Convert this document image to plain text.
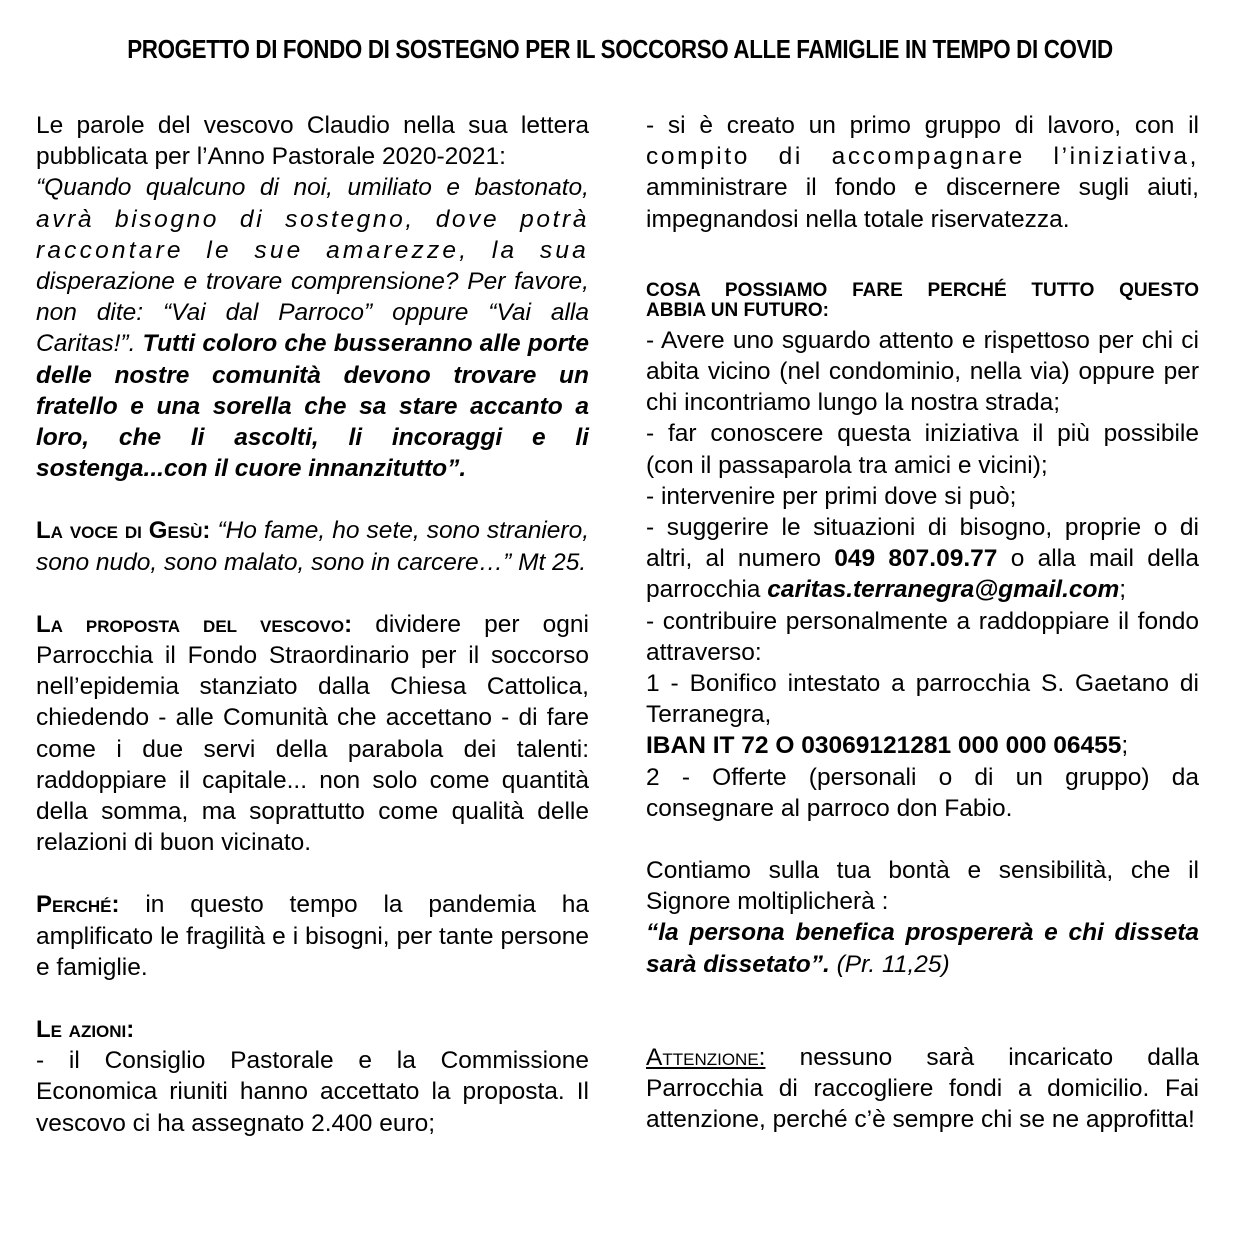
PROGETTO DI FONDO DI SOSTEGNO PER IL SOCCORSO ALLE FAMIGLIE IN TEMPO DI COVID

Le parole del vescovo Claudio nella sua lettera pubblicata per l’Anno Pastorale 2020-2021:
“Quando qualcuno di noi, umiliato e bastonato,
avrà bisogno di sostegno, dove potrà
raccontare le sue amarezze, la sua
disperazione e trovare comprensione? Per favore, non dite: “Vai dal Parroco” oppure “Vai alla Caritas!”. Tutti coloro che busseranno alle porte delle nostre comunità devono trovare un fratello e una sorella che sa stare accanto a loro, che li ascolti, li incoraggi e li sostenga...con il cuore innanzitutto”.

La voce di Gesù: “Ho fame, ho sete, sono straniero, sono nudo, sono malato, sono in carcere…” Mt 25.

La proposta del vescovo: dividere per ogni Parrocchia il Fondo Straordinario per il soccorso nell’epidemia stanziato dalla Chiesa Cattolica, chiedendo - alle Comunità che accettano - di fare come i due servi della parabola dei talenti: raddoppiare il capitale... non solo come quantità della somma, ma soprattutto come qualità delle relazioni di buon vicinato.

Perché: in questo tempo la pandemia ha amplificato le fragilità e i bisogni, per tante persone e famiglie.

Le azioni:
- il Consiglio Pastorale e la Commissione Economica riuniti hanno accettato la proposta. Il vescovo ci ha assegnato 2.400 euro;

- si è creato un primo gruppo di lavoro, con il
compito di accompagnare l’iniziativa,
amministrare il fondo e discernere sugli aiuti, impegnandosi nella totale riservatezza.

COSA POSSIAMO FARE PERCHÉ TUTTO QUESTO
ABBIA UN FUTURO:

- Avere uno sguardo attento e rispettoso per chi ci abita vicino (nel condominio, nella via) oppure per chi incontriamo lungo la nostra strada;
- far conoscere questa iniziativa il più possibile (con il passaparola tra amici e vicini);
- intervenire per primi dove si può;
- suggerire le situazioni di bisogno, proprie o di altri, al numero 049 807.09.77 o alla mail della parrocchia caritas.terranegra@gmail.com;
- contribuire personalmente a raddoppiare il fondo attraverso:
1 - Bonifico intestato a parrocchia S. Gaetano di Terranegra,
IBAN IT 72 O 03069121281 000 000 06455;
2 - Offerte (personali o di un gruppo) da consegnare al parroco don Fabio.

Contiamo sulla tua bontà e sensibilità, che il Signore moltiplicherà :
“la persona benefica prospererà e chi disseta sarà dissetato”. (Pr. 11,25)

Attenzione: nessuno sarà incaricato dalla Parrocchia di raccogliere fondi a domicilio. Fai attenzione, perché c’è sempre chi se ne approfitta!
